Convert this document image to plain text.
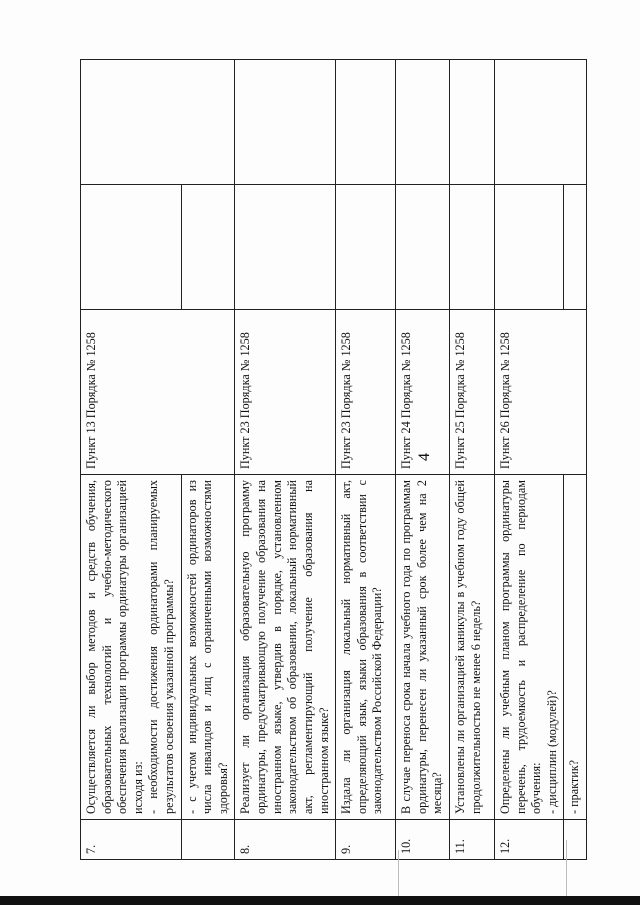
4
7.	Осуществляется ли выбор методов и средств обучения, образовательных технологий и учебно-методического обеспечения реализации программы ординатуры организацией исходя из: - необходимости достижения ординаторами планируемых результатов освоения указанной программы?	Пункт 13 Порядка № 1258		
	- с учетом индивидуальных возможностей ординаторов из числа инвалидов и лиц с ограниченными возможностями здоровья?			
8.	Реализует ли организация образовательную программу ординатуры, предусматривающую получение образования на иностранном языке, утвердив в порядке, установленном законодательством об образовании, локальный нормативный акт, регламентирующий получение образования на иностранном языке?	Пункт 23 Порядка № 1258		
9.	Издала ли организация локальный нормативный акт, определяющий язык, языки образования в соответствии с законодательством Российской Федерации?	Пункт 23 Порядка № 1258		
10.	В случае переноса срока начала учебного года по программам ординатуры, перенесен ли указанный срок более чем на 2 месяца?	Пункт 24 Порядка № 1258		
11.	Установлены ли организацией каникулы в учебном году общей продолжительностью не менее 6 недель?	Пункт 25 Порядка № 1258		
12.	Определены ли учебным планом программы ординатуры перечень, трудоемкость и распределение по периодам обучения: - дисциплин (модулей)?	Пункт 26 Порядка № 1258		
	- практик?			
